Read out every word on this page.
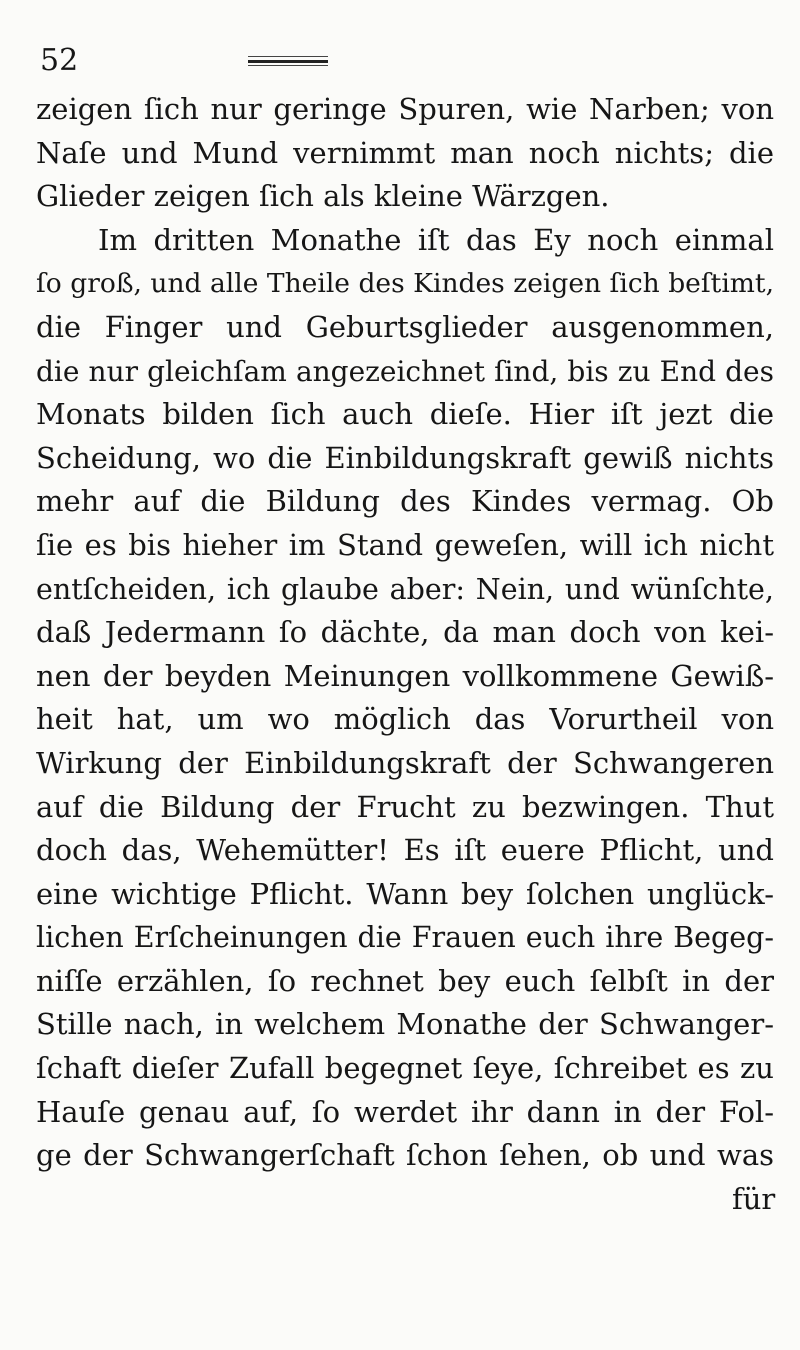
52
zeigen ſich nur geringe Spuren, wie Narben; von
Naſe und Mund vernimmt man noch nichts; die
Glieder zeigen ſich als kleine Wärzgen.
Im dritten Monathe iſt das Ey noch einmal
ſo groß, und alle Theile des Kindes zeigen ſich beſtimt,
die Finger und Geburtsglieder ausgenommen,
die nur gleichſam angezeichnet ſind, bis zu End des
Monats bilden ſich auch dieſe. Hier iſt jezt die
Scheidung, wo die Einbildungskraft gewiß nichts
mehr auf die Bildung des Kindes vermag. Ob
ſie es bis hieher im Stand geweſen, will ich nicht
entſcheiden, ich glaube aber: Nein, und wünſchte,
daß Jedermann ſo dächte, da man doch von kei-
nen der beyden Meinungen vollkommene Gewiß-
heit hat, um wo möglich das Vorurtheil von
Wirkung der Einbildungskraft der Schwangeren
auf die Bildung der Frucht zu bezwingen. Thut
doch das, Wehemütter! Es iſt euere Pflicht, und
eine wichtige Pflicht. Wann bey ſolchen unglück-
lichen Erſcheinungen die Frauen euch ihre Begeg-
niſſe erzählen, ſo rechnet bey euch ſelbſt in der
Stille nach, in welchem Monathe der Schwanger-
ſchaft dieſer Zufall begegnet ſeye, ſchreibet es zu
Hauſe genau auf, ſo werdet ihr dann in der Fol-
ge der Schwangerſchaft ſchon ſehen, ob und was
für
